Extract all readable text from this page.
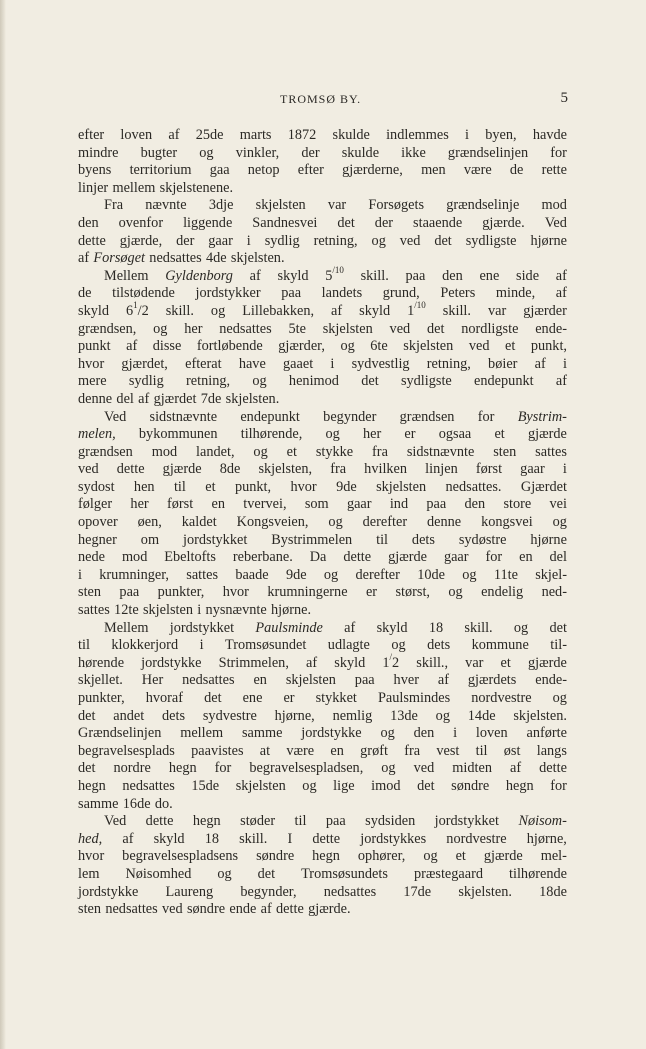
TROMSØ BY.	5
efter loven af 25de marts 1872 skulde indlemmes i byen, havde
mindre bugter og vinkler, der skulde ikke grændselinjen for
byens territorium gaa netop efter gjærderne, men være de rette
linjer mellem skjelstenene.
Fra nævnte 3dje skjelsten var Forsøgets grændselinje mod
den ovenfor liggende Sandnesvei det der staaende gjærde. Ved
dette gjærde, der gaar i sydlig retning, og ved det sydligste hjørne
af Forsøget nedsattes 4de skjelsten.
Mellem Gyldenborg af skyld $5^{/10}$ skill. paa den ene side af
de tilstødende jordstykker paa landets grund, Peters minde, af
skyld $6^1/2$ skill. og Lillebakken, af skyld $1^{/10}$ skill. var gjærder
grændsen, og her nedsattes 5te skjelsten ved det nordligste ende-
punkt af disse fortløbende gjærder, og 6te skjelsten ved et punkt,
hvor gjærdet, efterat have gaaet i sydvestlig retning, bøier af i
mere sydlig retning, og henimod det sydligste endepunkt af
denne del af gjærdet 7de skjelsten.
Ved sidstnævnte endepunkt begynder grændsen for Bystrim-
melen, bykommunen tilhørende, og her er ogsaa et gjærde
grændsen mod landet, og et stykke fra sidstnævnte sten sattes
ved dette gjærde 8de skjelsten, fra hvilken linjen først gaar i
sydost hen til et punkt, hvor 9de skjelsten nedsattes. Gjærdet
følger her først en tvervei, som gaar ind paa den store vei
opover øen, kaldet Kongsveien, og derefter denne kongsvei og
hegner om jordstykket Bystrimmelen til dets sydøstre hjørne
nede mod Ebeltofts reberbane. Da dette gjærde gaar for en del
i krumninger, sattes baade 9de og derefter 10de og 11te skjel-
sten paa punkter, hvor krumningerne er størst, og endelig ned-
sattes 12te skjelsten i nysnævnte hjørne.
Mellem jordstykket Paulsminde af skyld 18 skill. og det
til klokkerjord i Tromsøsundet udlagte og dets kommune til-
hørende jordstykke Strimmelen, af skyld 1/2 skill., var et gjærde
skjellet. Her nedsattes en skjelsten paa hver af gjærdets ende-
punkter, hvoraf det ene er stykket Paulsmindes nordvestre og
det andet dets sydvestre hjørne, nemlig 13de og 14de skjelsten.
Grændselinjen mellem samme jordstykke og den i loven anførte
begravelsesplads paavistes at være en grøft fra vest til øst langs
det nordre hegn for begravelsespladsen, og ved midten af dette
hegn nedsattes 15de skjelsten og lige imod det søndre hegn for
samme 16de do.
Ved dette hegn støder til paa sydsiden jordstykket Nøisom-
hed, af skyld 18 skill. I dette jordstykkes nordvestre hjørne,
hvor begravelsespladsens søndre hegn ophører, og et gjærde mel-
lem Nøisomhed og det Tromsøsundets præstegaard tilhørende
jordstykke Laureng begynder, nedsattes 17de skjelsten. 18de
sten nedsattes ved søndre ende af dette gjærde.
